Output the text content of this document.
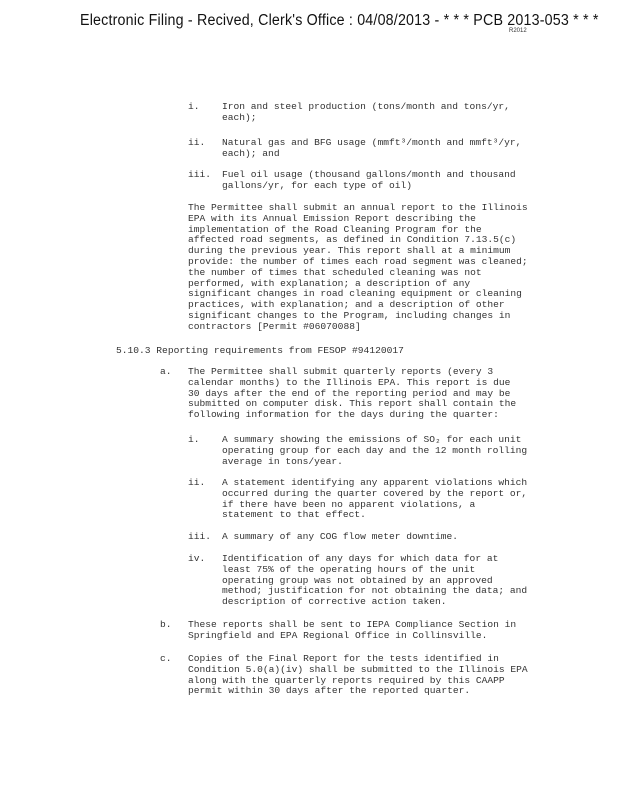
Electronic Filing - Recived, Clerk's Office : 04/08/2013 - * * * PCB 2013-053 * * *
R2012
i. Iron and steel production (tons/month and tons/yr,
each);
ii. Natural gas and BFG usage (mmft³/month and mmft³/yr,
each); and
iii. Fuel oil usage (thousand gallons/month and thousand
gallons/yr, for each type of oil)
The Permittee shall submit an annual report to the Illinois
EPA with its Annual Emission Report describing the
implementation of the Road Cleaning Program for the
affected road segments, as defined in Condition 7.13.5(c)
during the previous year. This report shall at a minimum
provide: the number of times each road segment was cleaned;
the number of times that scheduled cleaning was not
performed, with explanation; a description of any
significant changes in road cleaning equipment or cleaning
practices, with explanation; and a description of other
significant changes to the Program, including changes in
contractors [Permit #06070088]
5.10.3 Reporting requirements from FESOP #94120017
a. The Permittee shall submit quarterly reports (every 3
calendar months) to the Illinois EPA. This report is due
30 days after the end of the reporting period and may be
submitted on computer disk. This report shall contain the
following information for the days during the quarter:
i. A summary showing the emissions of SO₂ for each unit
operating group for each day and the 12 month rolling
average in tons/year.
ii. A statement identifying any apparent violations which
occurred during the quarter covered by the report or,
if there have been no apparent violations, a
statement to that effect.
iii. A summary of any COG flow meter downtime.
iv. Identification of any days for which data for at
least 75% of the operating hours of the unit
operating group was not obtained by an approved
method; justification for not obtaining the data; and
description of corrective action taken.
b. These reports shall be sent to IEPA Compliance Section in
Springfield and EPA Regional Office in Collinsville.
c. Copies of the Final Report for the tests identified in
Condition 5.0(a)(iv) shall be submitted to the Illinois EPA
along with the quarterly reports required by this CAAPP
permit within 30 days after the reported quarter.
